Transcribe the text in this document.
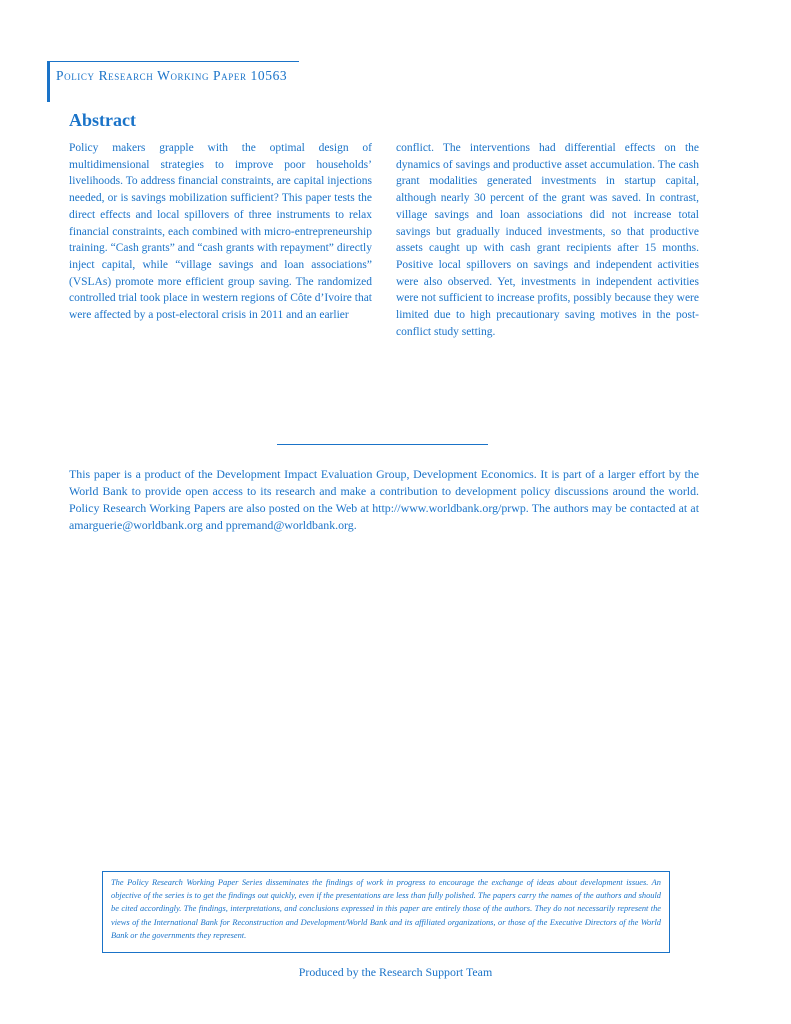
Policy Research Working Paper 10563
Abstract
Policy makers grapple with the optimal design of multidimensional strategies to improve poor households’ livelihoods. To address financial constraints, are capital injections needed, or is savings mobilization sufficient? This paper tests the direct effects and local spillovers of three instruments to relax financial constraints, each combined with micro-entrepreneurship training. “Cash grants” and “cash grants with repayment” directly inject capital, while “village savings and loan associations” (VSLAs) promote more efficient group saving. The randomized controlled trial took place in western regions of Côte d’Ivoire that were affected by a post-electoral crisis in 2011 and an earlier
conflict. The interventions had differential effects on the dynamics of savings and productive asset accumulation. The cash grant modalities generated investments in startup capital, although nearly 30 percent of the grant was saved. In contrast, village savings and loan associations did not increase total savings but gradually induced investments, so that productive assets caught up with cash grant recipients after 15 months. Positive local spillovers on savings and independent activities were also observed. Yet, investments in independent activities were not sufficient to increase profits, possibly because they were limited due to high precautionary saving motives in the post-conflict study setting.
This paper is a product of the Development Impact Evaluation Group, Development Economics. It is part of a larger effort by the World Bank to provide open access to its research and make a contribution to development policy discussions around the world. Policy Research Working Papers are also posted on the Web at http://www.worldbank.org/prwp. The authors may be contacted at at amarguerie@worldbank.org and ppremand@worldbank.org.

The Policy Research Working Paper Series disseminates the findings of work in progress to encourage the exchange of ideas about development issues. An objective of the series is to get the findings out quickly, even if the presentations are less than fully polished. The papers carry the names of the authors and should be cited accordingly. The findings, interpretations, and conclusions expressed in this paper are entirely those of the authors. They do not necessarily represent the views of the International Bank for Reconstruction and Development/World Bank and its affiliated organizations, or those of the Executive Directors of the World Bank or the governments they represent.

Produced by the Research Support Team
